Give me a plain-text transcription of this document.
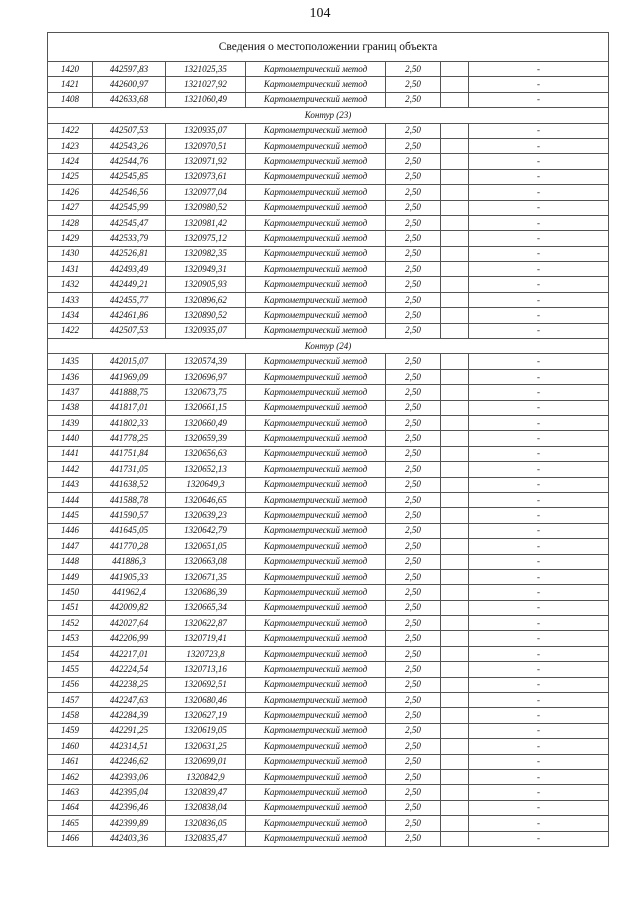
104
Сведения о местоположении границ объекта						
1420	442597,83	1321025,35	Картометрический метод	2,50		-
1421	442600,97	1321027,92	Картометрический метод	2,50		-
1408	442633,68	1321060,49	Картометрический метод	2,50		-
Контур (23)						
1422	442507,53	1320935,07	Картометрический метод	2,50		-
1423	442543,26	1320970,51	Картометрический метод	2,50		-
1424	442544,76	1320971,92	Картометрический метод	2,50		-
1425	442545,85	1320973,61	Картометрический метод	2,50		-
1426	442546,56	1320977,04	Картометрический метод	2,50		-
1427	442545,99	1320980,52	Картометрический метод	2,50		-
1428	442545,47	1320981,42	Картометрический метод	2,50		-
1429	442533,79	1320975,12	Картометрический метод	2,50		-
1430	442526,81	1320982,35	Картометрический метод	2,50		-
1431	442493,49	1320949,31	Картометрический метод	2,50		-
1432	442449,21	1320905,93	Картометрический метод	2,50		-
1433	442455,77	1320896,62	Картометрический метод	2,50		-
1434	442461,86	1320890,52	Картометрический метод	2,50		-
1422	442507,53	1320935,07	Картометрический метод	2,50		-
Контур (24)						
1435	442015,07	1320574,39	Картометрический метод	2,50		-
1436	441969,09	1320696,97	Картометрический метод	2,50		-
1437	441888,75	1320673,75	Картометрический метод	2,50		-
1438	441817,01	1320661,15	Картометрический метод	2,50		-
1439	441802,33	1320660,49	Картометрический метод	2,50		-
1440	441778,25	1320659,39	Картометрический метод	2,50		-
1441	441751,84	1320656,63	Картометрический метод	2,50		-
1442	441731,05	1320652,13	Картометрический метод	2,50		-
1443	441638,52	1320649,3	Картометрический метод	2,50		-
1444	441588,78	1320646,65	Картометрический метод	2,50		-
1445	441590,57	1320639,23	Картометрический метод	2,50		-
1446	441645,05	1320642,79	Картометрический метод	2,50		-
1447	441770,28	1320651,05	Картометрический метод	2,50		-
1448	441886,3	1320663,08	Картометрический метод	2,50		-
1449	441905,33	1320671,35	Картометрический метод	2,50		-
1450	441962,4	1320686,39	Картометрический метод	2,50		-
1451	442009,82	1320665,34	Картометрический метод	2,50		-
1452	442027,64	1320622,87	Картометрический метод	2,50		-
1453	442206,99	1320719,41	Картометрический метод	2,50		-
1454	442217,01	1320723,8	Картометрический метод	2,50		-
1455	442224,54	1320713,16	Картометрический метод	2,50		-
1456	442238,25	1320692,51	Картометрический метод	2,50		-
1457	442247,63	1320680,46	Картометрический метод	2,50		-
1458	442284,39	1320627,19	Картометрический метод	2,50		-
1459	442291,25	1320619,05	Картометрический метод	2,50		-
1460	442314,51	1320631,25	Картометрический метод	2,50		-
1461	442246,62	1320699,01	Картометрический метод	2,50		-
1462	442393,06	1320842,9	Картометрический метод	2,50		-
1463	442395,04	1320839,47	Картометрический метод	2,50		-
1464	442396,46	1320838,04	Картометрический метод	2,50		-
1465	442399,89	1320836,05	Картометрический метод	2,50		-
1466	442403,36	1320835,47	Картометрический метод	2,50		-
